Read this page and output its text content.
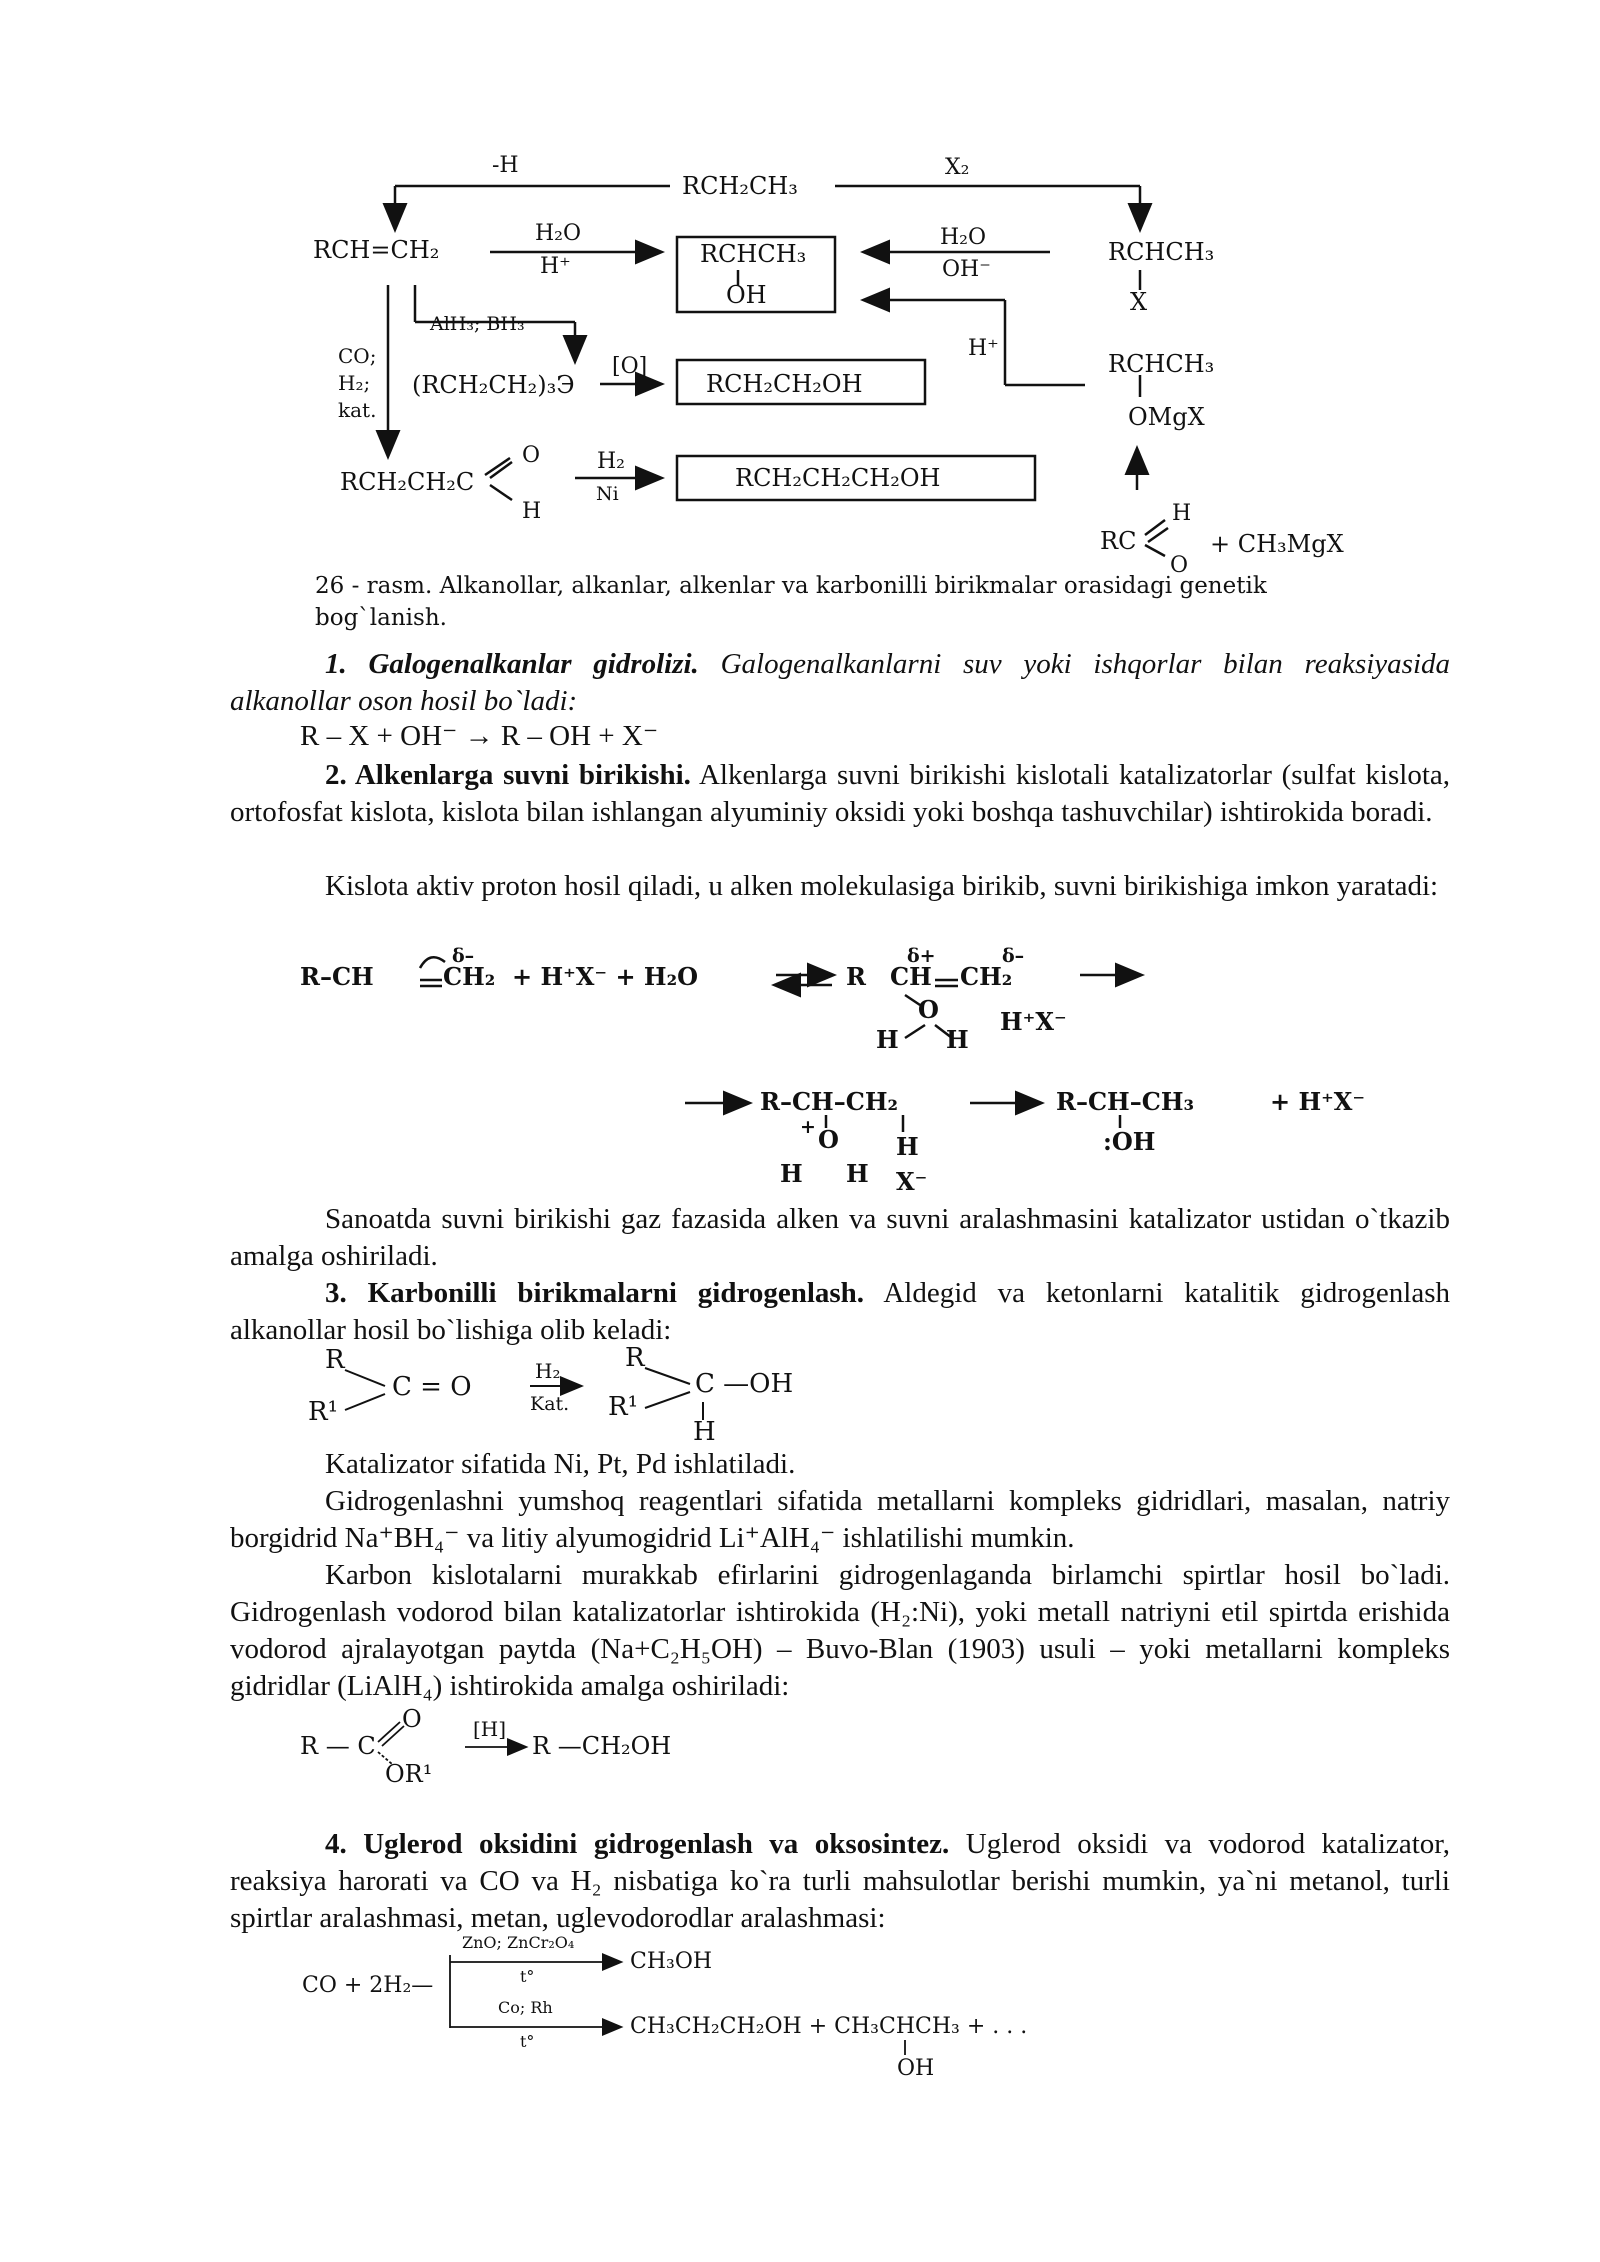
-H
RCH₂CH₃
X₂
RCH=CH₂
H₂O
H⁺	RCHCH₃
OH
H₂O
OH⁻
RCHCH₃
X
AlH₃; BH₃
CO;
H₂;
kat.
(RCH₂CH₂)₃Э
[O]
RCH₂CH₂OH
H⁺
RCHCH₃
OMgX
RCH₂CH₂C
O
H
H₂
Ni
RCH₂CH₂CH₂OH
H
RC
O
+ CH₃MgX
R–CH
δ–
CH₂ + H⁺X⁻ + H₂O	R
δ+
CH
δ–
CH₂
O
H H
H⁺X⁻
R–CH–CH₂
+ O
H H
H
X⁻
R–CH–CH₃	+ H⁺X⁻
:OH
R
R¹
C = O
H₂
Kat.
R
R¹
C —OH
H
R — C
O
OR¹
[H]
R —CH₂OH
CO + 2H₂—
ZnO; ZnCr₂O₄
t°
CH₃OH
Co; Rh
t°
CH₃CH₂CH₂OH + CH₃CHCH₃ + . . .
OH
26 - rasm. Alkanollar, alkanlar, alkenlar va karbonilli birikmalar orasidagi genetik bog`lanish.
1. Galogenalkanlar gidrolizi. Galogenalkanlarni suv yoki ishqorlar bilan reaksiyasida alkanollar oson hosil bo`ladi:
R – X + OH⁻ → R – OH + X⁻
2. Alkenlarga suvni birikishi. Alkenlarga suvni birikishi kislotali katalizatorlar (sulfat kislota, ortofosfat kislota, kislota bilan ishlangan alyuminiy oksidi yoki boshqa tashuvchilar) ishtirokida boradi.
Kislota aktiv proton hosil qiladi, u alken molekulasiga birikib, suvni birikishiga imkon yaratadi:
Sanoatda suvni birikishi gaz fazasida alken va suvni aralashmasini katalizator ustidan o`tkazib amalga oshiriladi.
3. Karbonilli birikmalarni gidrogenlash. Aldegid va ketonlarni katalitik gidrogenlash alkanollar hosil bo`lishiga olib keladi:
Katalizator sifatida Ni, Pt, Pd ishlatiladi.
Gidrogenlashni yumshoq reagentlari sifatida metallarni kompleks gidridlari, masalan, natriy borgidrid Na⁺BH₄⁻ va litiy alyumogidrid Li⁺AlH₄⁻ ishlatilishi mumkin.
Karbon kislotalarni murakkab efirlarini gidrogenlaganda birlamchi spirtlar hosil bo`ladi. Gidrogenlash vodorod bilan katalizatorlar ishtirokida (H₂:Ni), yoki metall natriyni etil spirtda erishida vodorod ajralayotgan paytda (Na+C₂H₅OH) – Buvo-Blan (1903) usuli – yoki metallarni kompleks gidridlar (LiAlH₄) ishtirokida amalga oshiriladi:
4. Uglerod oksidini gidrogenlash va oksosintez. Uglerod oksidi va vodorod katalizator, reaksiya harorati va CO va H₂ nisbatiga ko`ra turli mahsulotlar berishi mumkin, ya`ni metanol, turli spirtlar aralashmasi, metan, uglevodorodlar aralashmasi:
